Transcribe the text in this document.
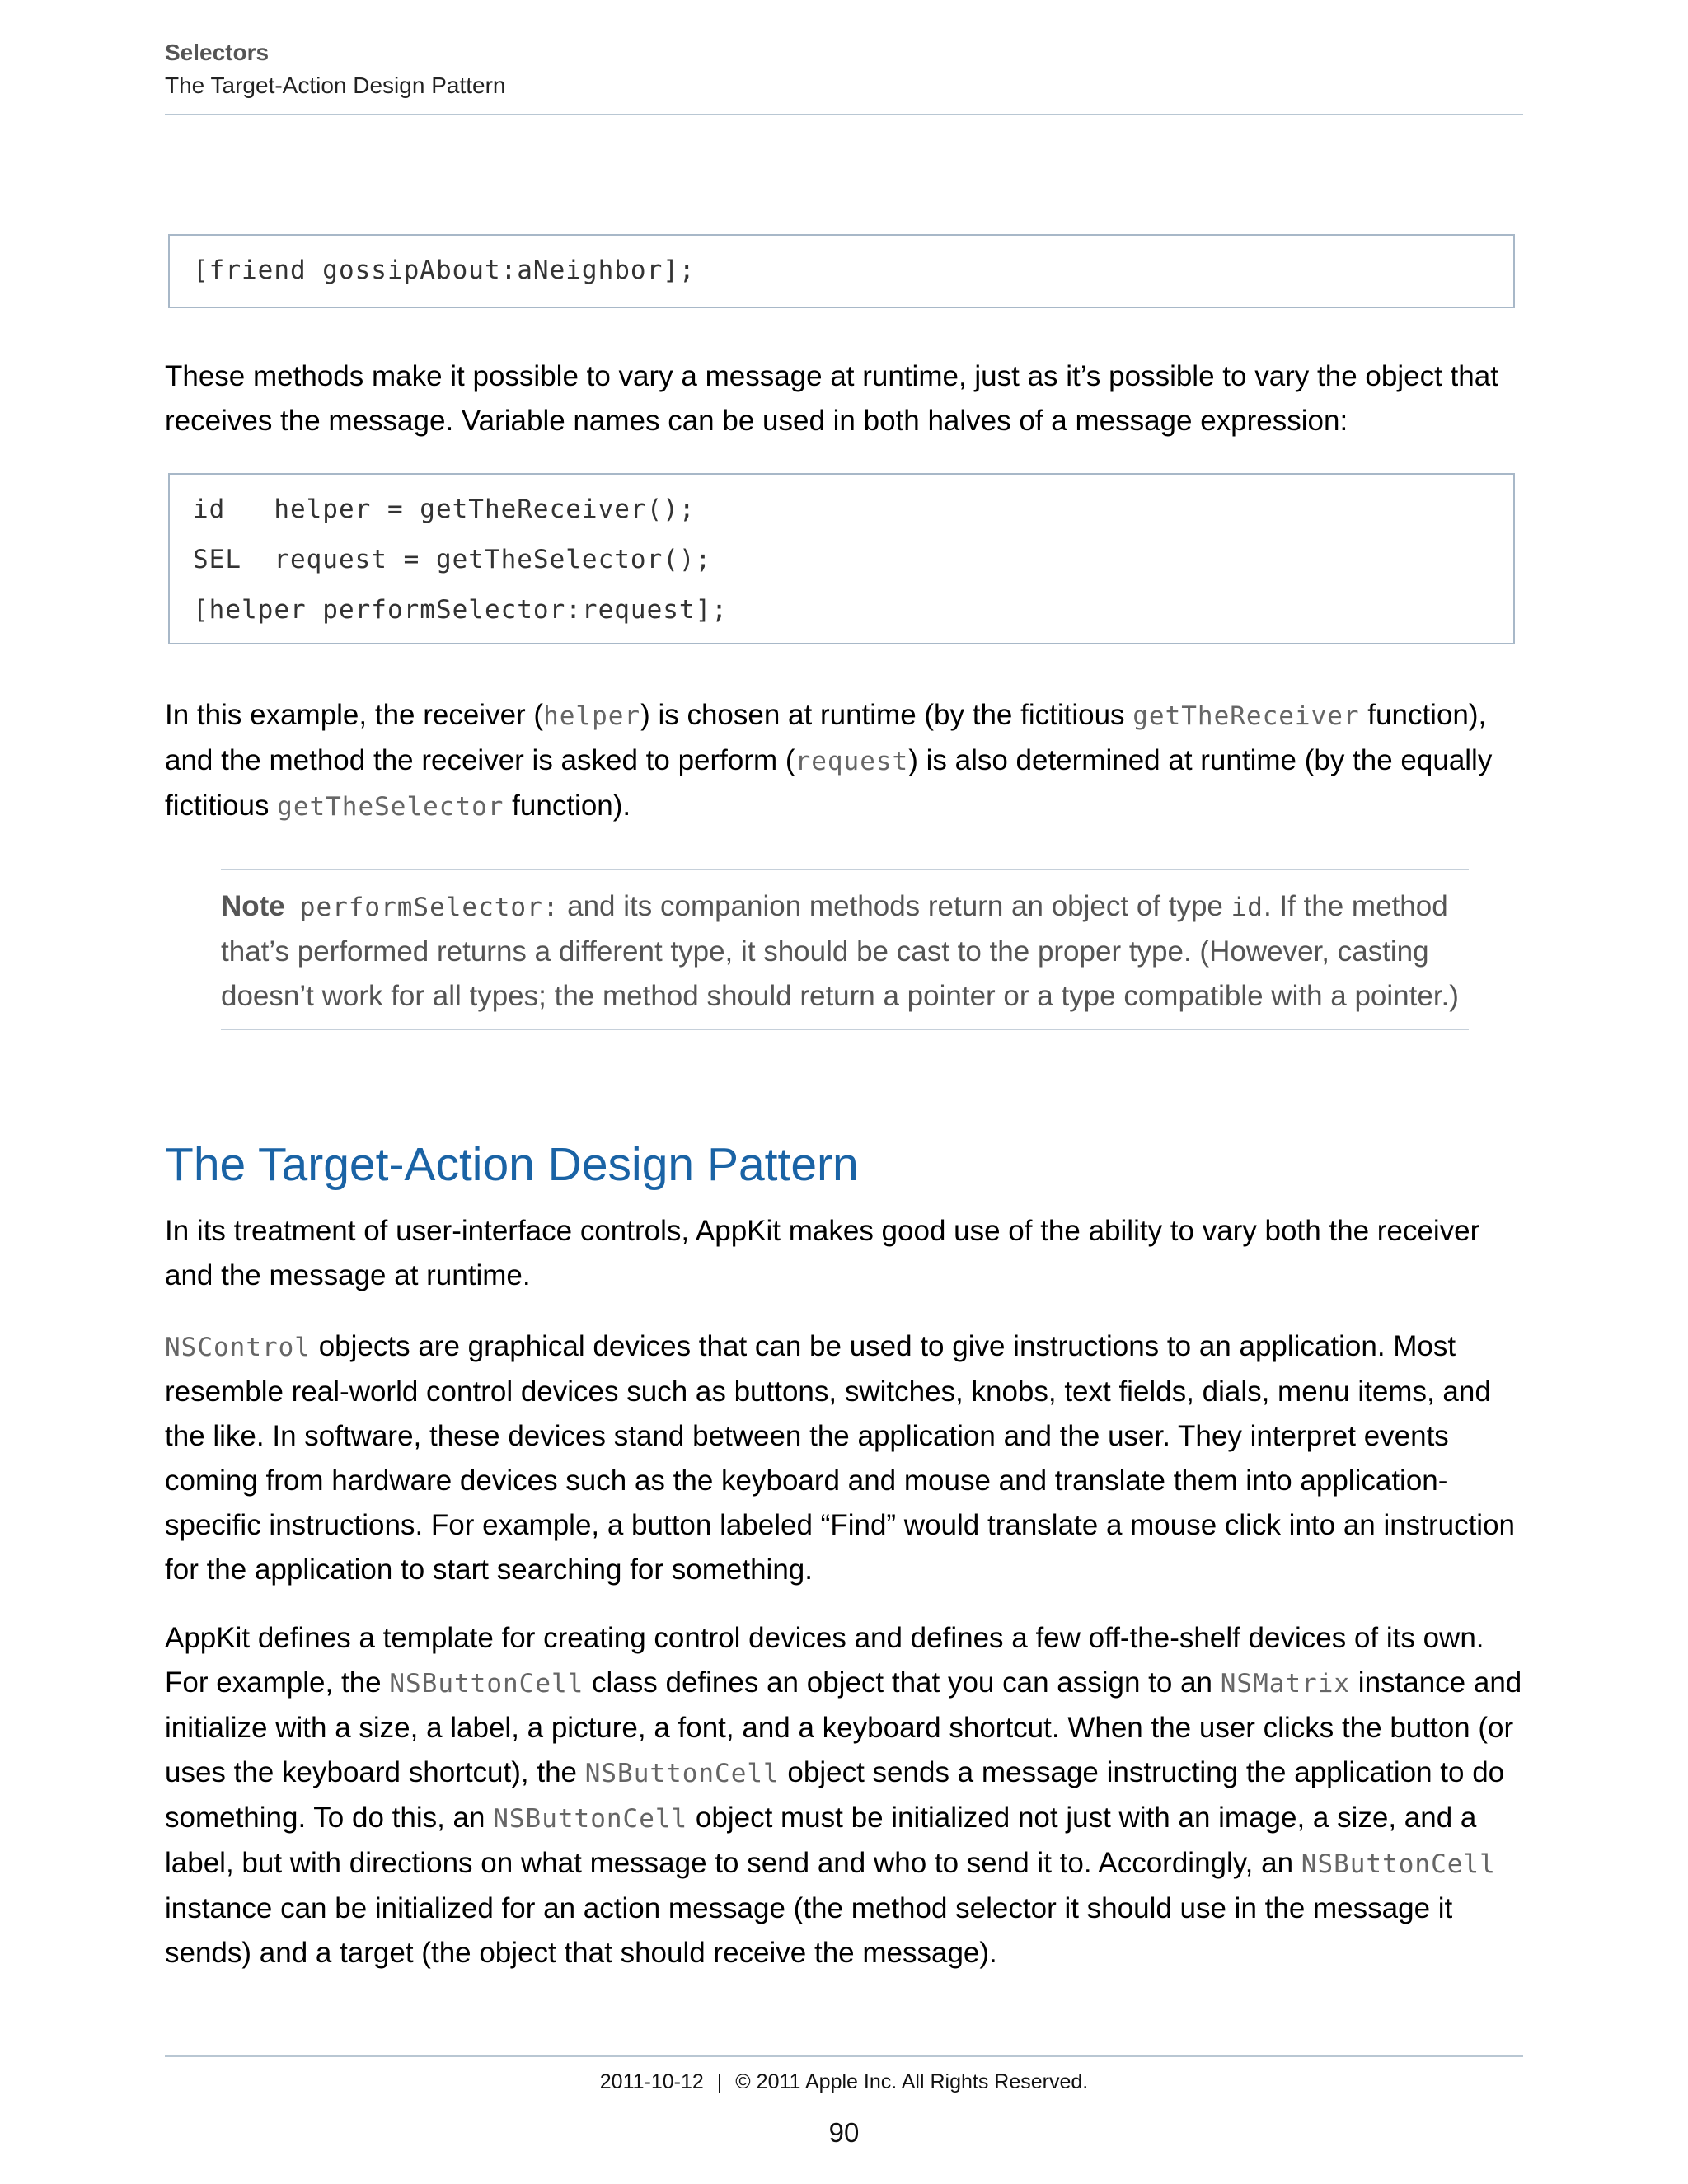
Selectors
The Target-Action Design Pattern
[friend gossipAbout:aNeighbor];
These methods make it possible to vary a message at runtime, just as it’s possible to vary the object that receives the message. Variable names can be used in both halves of a message expression:
id   helper = getTheReceiver();
SEL  request = getTheSelector();
[helper performSelector:request];
In this example, the receiver (helper) is chosen at runtime (by the fictitious getTheReceiver function), and the method the receiver is asked to perform (request) is also determined at runtime (by the equally fictitious getTheSelector function).
Note performSelector: and its companion methods return an object of type id. If the method that’s performed returns a different type, it should be cast to the proper type. (However, casting doesn’t work for all types; the method should return a pointer or a type compatible with a pointer.)
The Target-Action Design Pattern
In its treatment of user-interface controls, AppKit makes good use of the ability to vary both the receiver and the message at runtime.
NSControl objects are graphical devices that can be used to give instructions to an application. Most resemble real-world control devices such as buttons, switches, knobs, text fields, dials, menu items, and the like. In software, these devices stand between the application and the user. They interpret events coming from hardware devices such as the keyboard and mouse and translate them into application-specific instructions. For example, a button labeled “Find” would translate a mouse click into an instruction for the application to start searching for something.
AppKit defines a template for creating control devices and defines a few off-the-shelf devices of its own. For example, the NSButtonCell class defines an object that you can assign to an NSMatrix instance and initialize with a size, a label, a picture, a font, and a keyboard shortcut. When the user clicks the button (or uses the keyboard shortcut), the NSButtonCell object sends a message instructing the application to do something. To do this, an NSButtonCell object must be initialized not just with an image, a size, and a label, but with directions on what message to send and who to send it to. Accordingly, an NSButtonCell instance can be initialized for an action message (the method selector it should use in the message it sends) and a target (the object that should receive the message).
2011-10-12 | © 2011 Apple Inc. All Rights Reserved.
90
